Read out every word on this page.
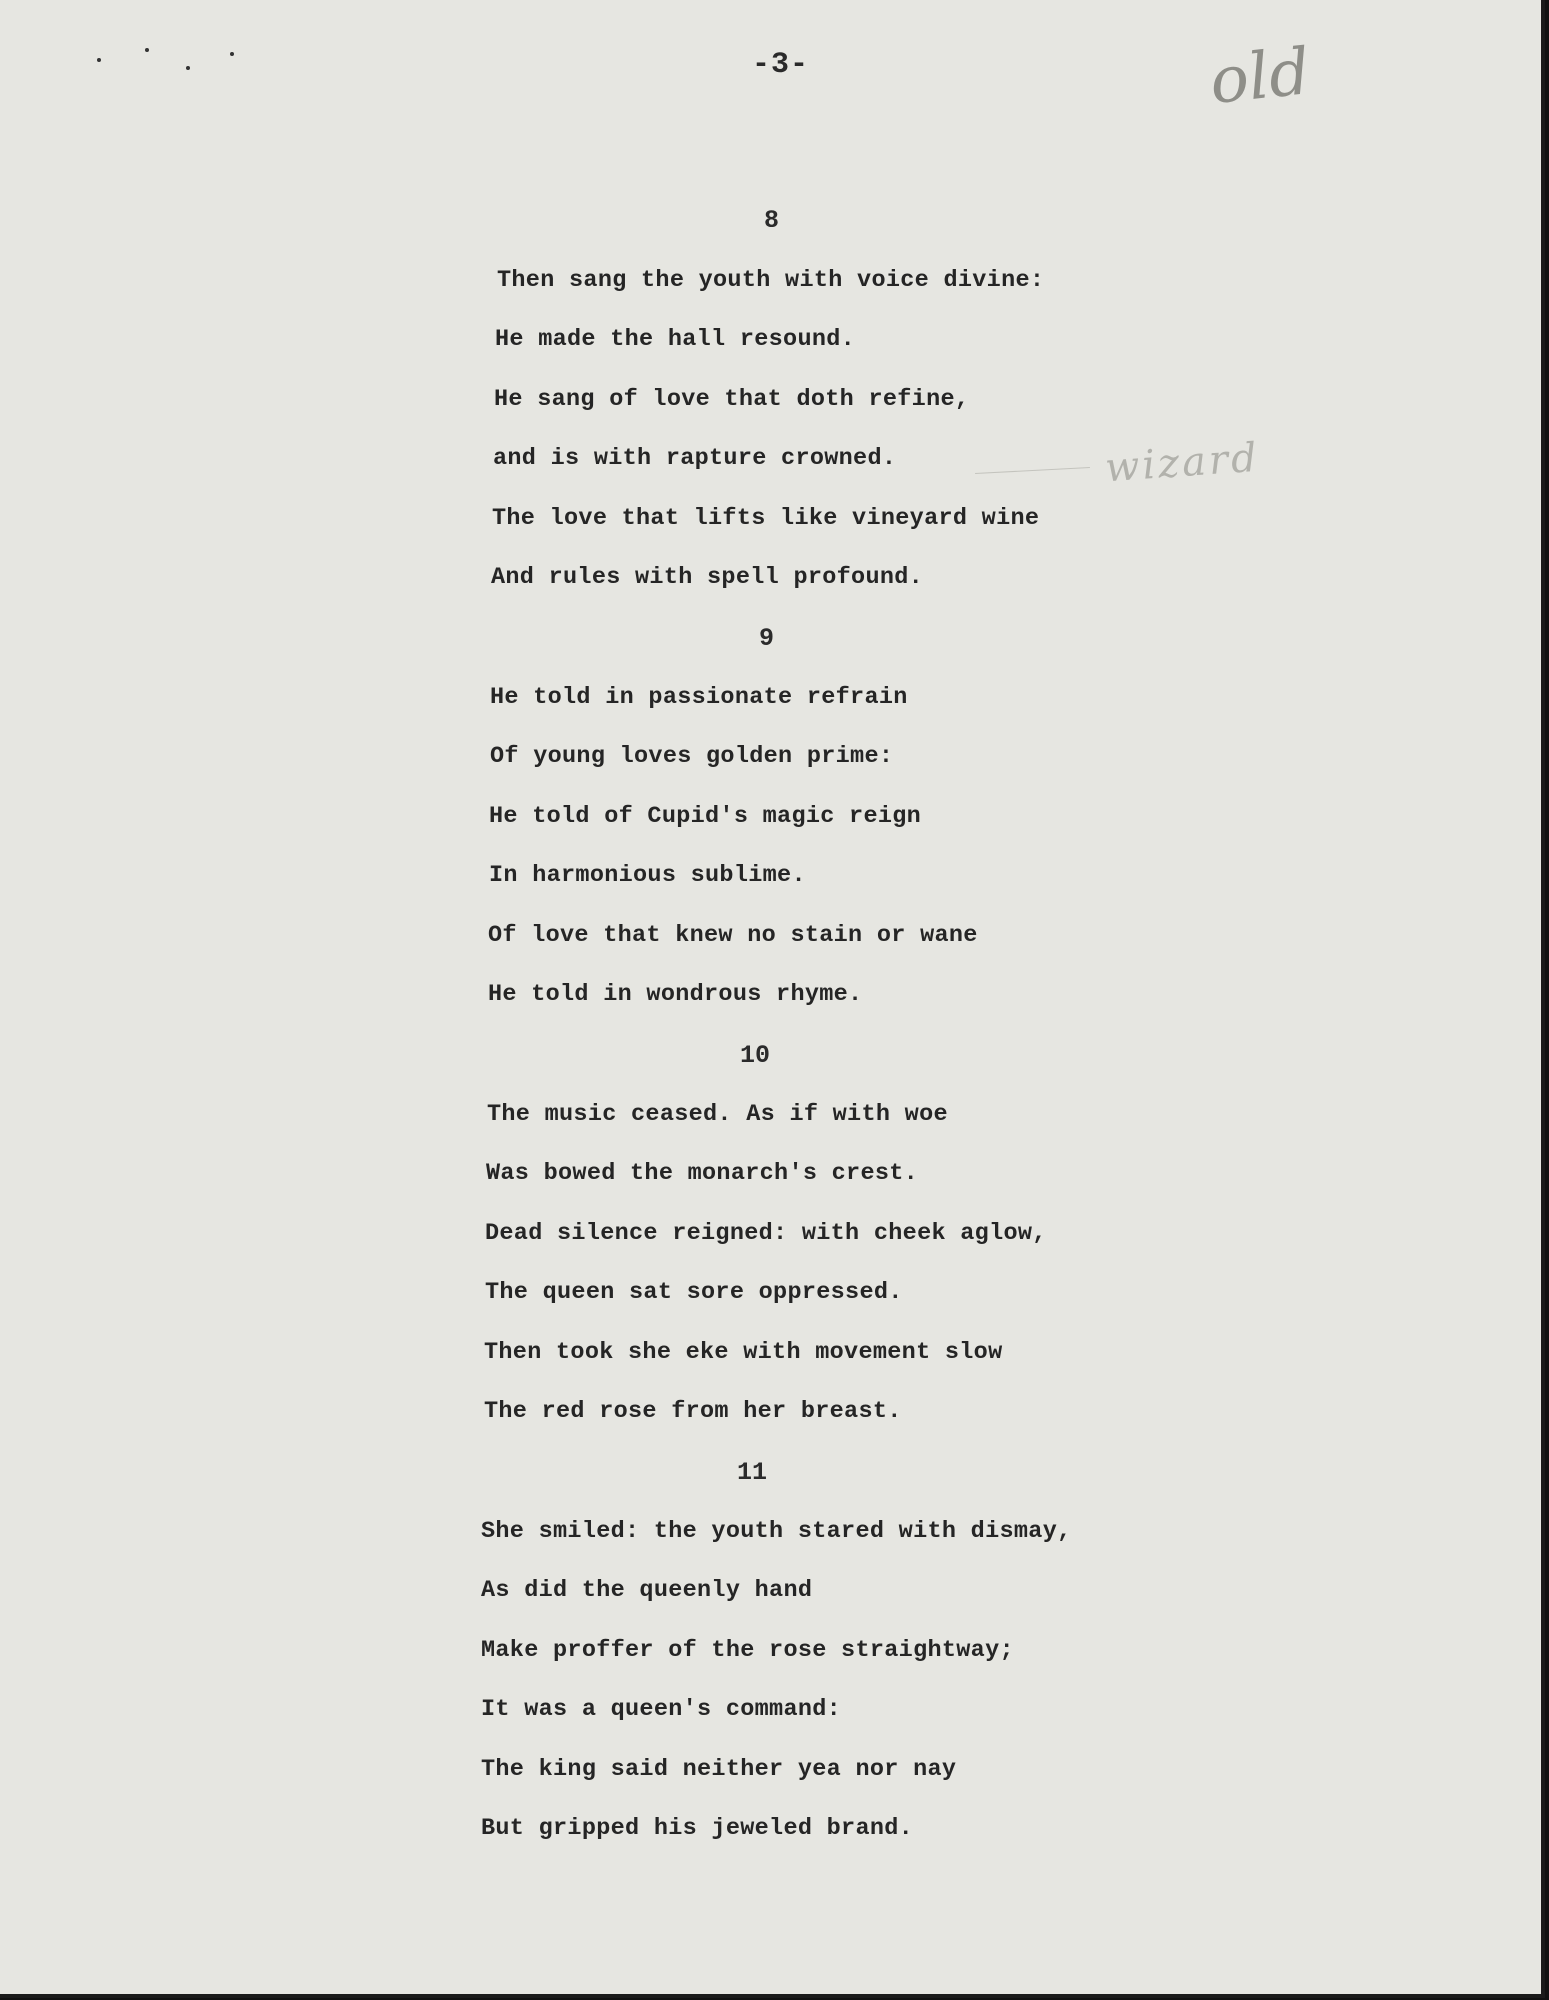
-3-	old
wizard
8
Then sang the youth with voice divine:
He made the hall resound.
He sang of love that doth refine,
and is with rapture crowned.
The love that lifts like vineyard wine
And rules with spell profound.
9
He told in passionate refrain
Of young loves golden prime:
He told of Cupid's magic reign
In harmonious sublime.
Of love that knew no stain or wane
He told in wondrous rhyme.
10
The music ceased. As if with woe
Was bowed the monarch's crest.
Dead silence reigned: with cheek aglow,
The queen sat sore oppressed.
Then took she eke with movement slow
The red rose from her breast.
11
She smiled: the youth stared with dismay,
As did the queenly hand
Make proffer of the rose straightway;
It was a queen's command:
The king said neither yea nor nay
But gripped his jeweled brand.
